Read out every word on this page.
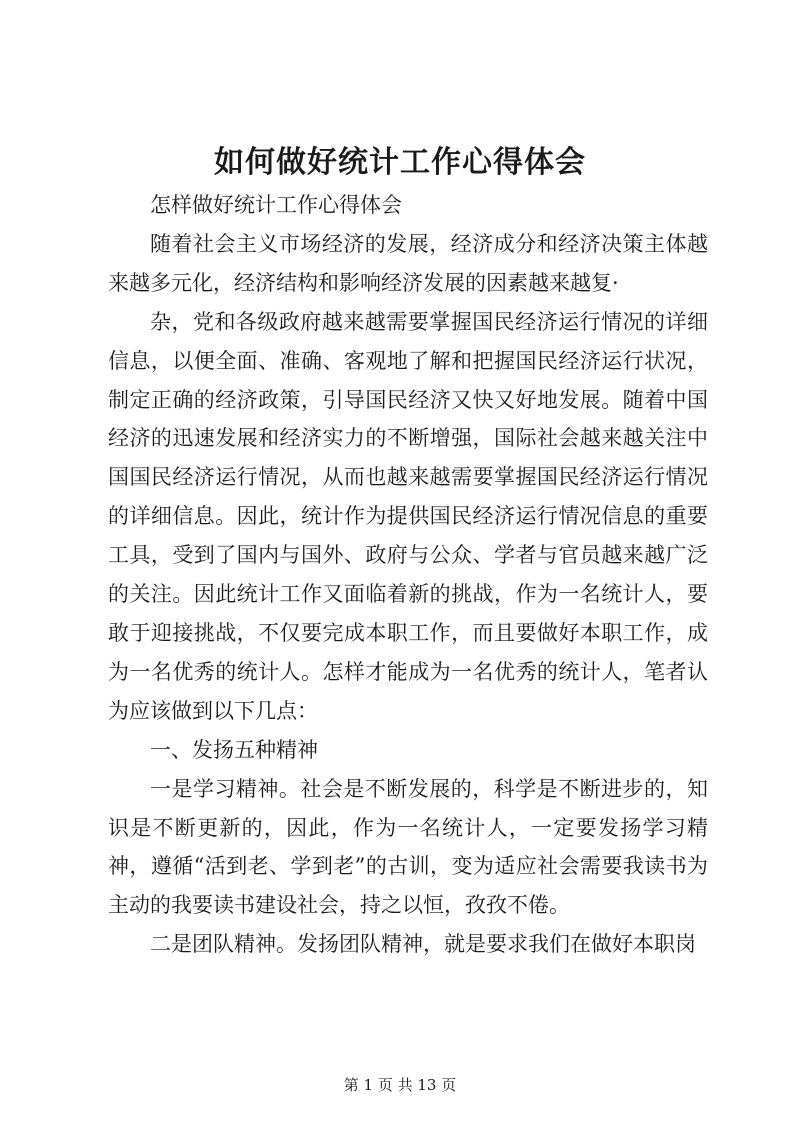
如何做好统计工作心得体会

怎样做好统计工作心得体会

随着社会主义市场经济的发展，经济成分和经济决策主体越来越多元化，经济结构和影响经济发展的因素越来越复·

杂，党和各级政府越来越需要掌握国民经济运行情况的详细信息，以便全面、准确、客观地了解和把握国民经济运行状况，制定正确的经济政策，引导国民经济又快又好地发展。随着中国经济的迅速发展和经济实力的不断增强，国际社会越来越关注中国国民经济运行情况，从而也越来越需要掌握国民经济运行情况的详细信息。因此，统计作为提供国民经济运行情况信息的重要工具，受到了国内与国外、政府与公众、学者与官员越来越广泛的关注。因此统计工作又面临着新的挑战，作为一名统计人，要敢于迎接挑战，不仅要完成本职工作，而且要做好本职工作，成为一名优秀的统计人。怎样才能成为一名优秀的统计人，笔者认为应该做到以下几点：

一、发扬五种精神

一是学习精神。社会是不断发展的，科学是不断进步的，知识是不断更新的，因此，作为一名统计人，一定要发扬学习精神，遵循“活到老、学到老”的古训，变为适应社会需要我读书为主动的我要读书建设社会，持之以恒，孜孜不倦。

二是团队精神。发扬团队精神，就是要求我们在做好本职岗

第 1 页 共 13 页
